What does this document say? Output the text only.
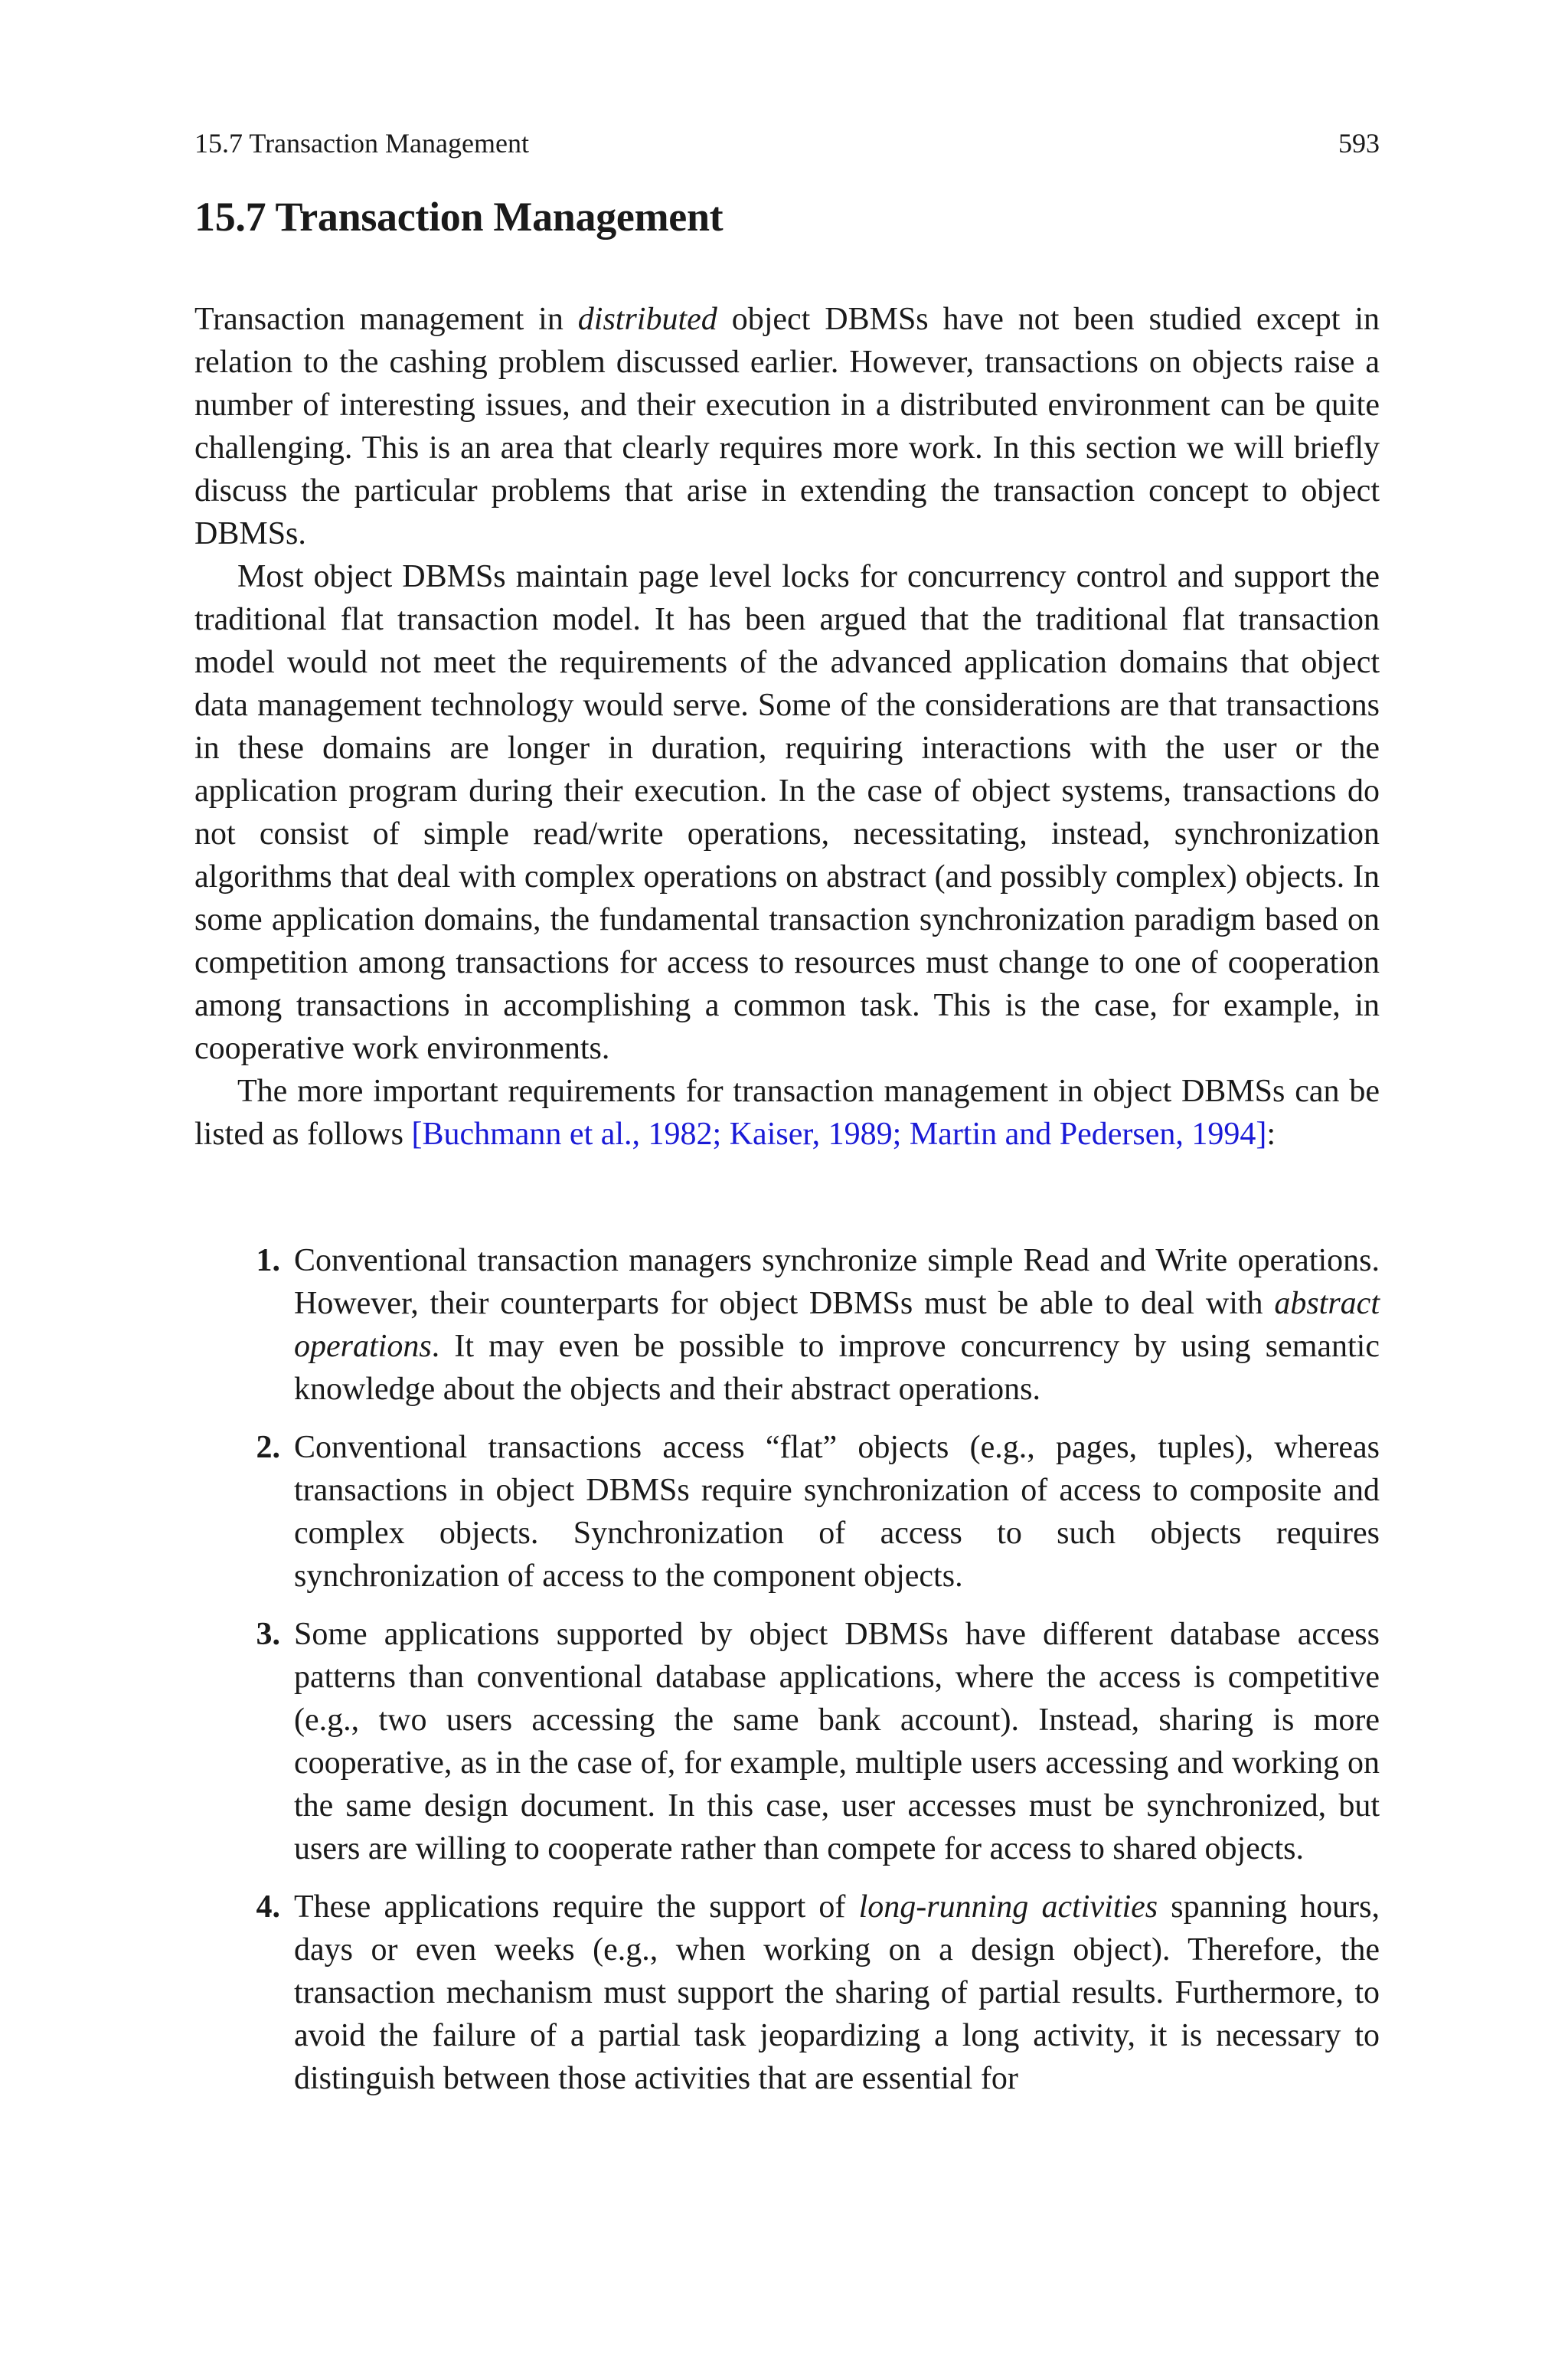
15.7 Transaction Management	593
15.7 Transaction Management

Transaction management in distributed object DBMSs have not been studied except in relation to the cashing problem discussed earlier. However, transactions on objects raise a number of interesting issues, and their execution in a distributed environment can be quite challenging. This is an area that clearly requires more work. In this section we will briefly discuss the particular problems that arise in extending the transaction concept to object DBMSs.

Most object DBMSs maintain page level locks for concurrency control and support the traditional flat transaction model. It has been argued that the traditional flat transaction model would not meet the requirements of the advanced application domains that object data management technology would serve. Some of the considerations are that transactions in these domains are longer in duration, requiring interactions with the user or the application program during their execution. In the case of object systems, transactions do not consist of simple read/write operations, necessitating, instead, synchronization algorithms that deal with complex operations on abstract (and possibly complex) objects. In some application domains, the fundamental transaction synchronization paradigm based on competition among transactions for access to resources must change to one of cooperation among transactions in accomplishing a common task. This is the case, for example, in cooperative work environments.

The more important requirements for transaction management in object DBMSs can be listed as follows [Buchmann et al., 1982; Kaiser, 1989; Martin and Pedersen, 1994]:

1. Conventional transaction managers synchronize simple Read and Write operations. However, their counterparts for object DBMSs must be able to deal with abstract operations. It may even be possible to improve concurrency by using semantic knowledge about the objects and their abstract operations.
2. Conventional transactions access “flat” objects (e.g., pages, tuples), whereas transactions in object DBMSs require synchronization of access to composite and complex objects. Synchronization of access to such objects requires synchronization of access to the component objects.
3. Some applications supported by object DBMSs have different database access patterns than conventional database applications, where the access is competitive (e.g., two users accessing the same bank account). Instead, sharing is more cooperative, as in the case of, for example, multiple users accessing and working on the same design document. In this case, user accesses must be synchronized, but users are willing to cooperate rather than compete for access to shared objects.
4. These applications require the support of long-running activities spanning hours, days or even weeks (e.g., when working on a design object). Therefore, the transaction mechanism must support the sharing of partial results. Furthermore, to avoid the failure of a partial task jeopardizing a long activity, it is necessary to distinguish between those activities that are essential for
